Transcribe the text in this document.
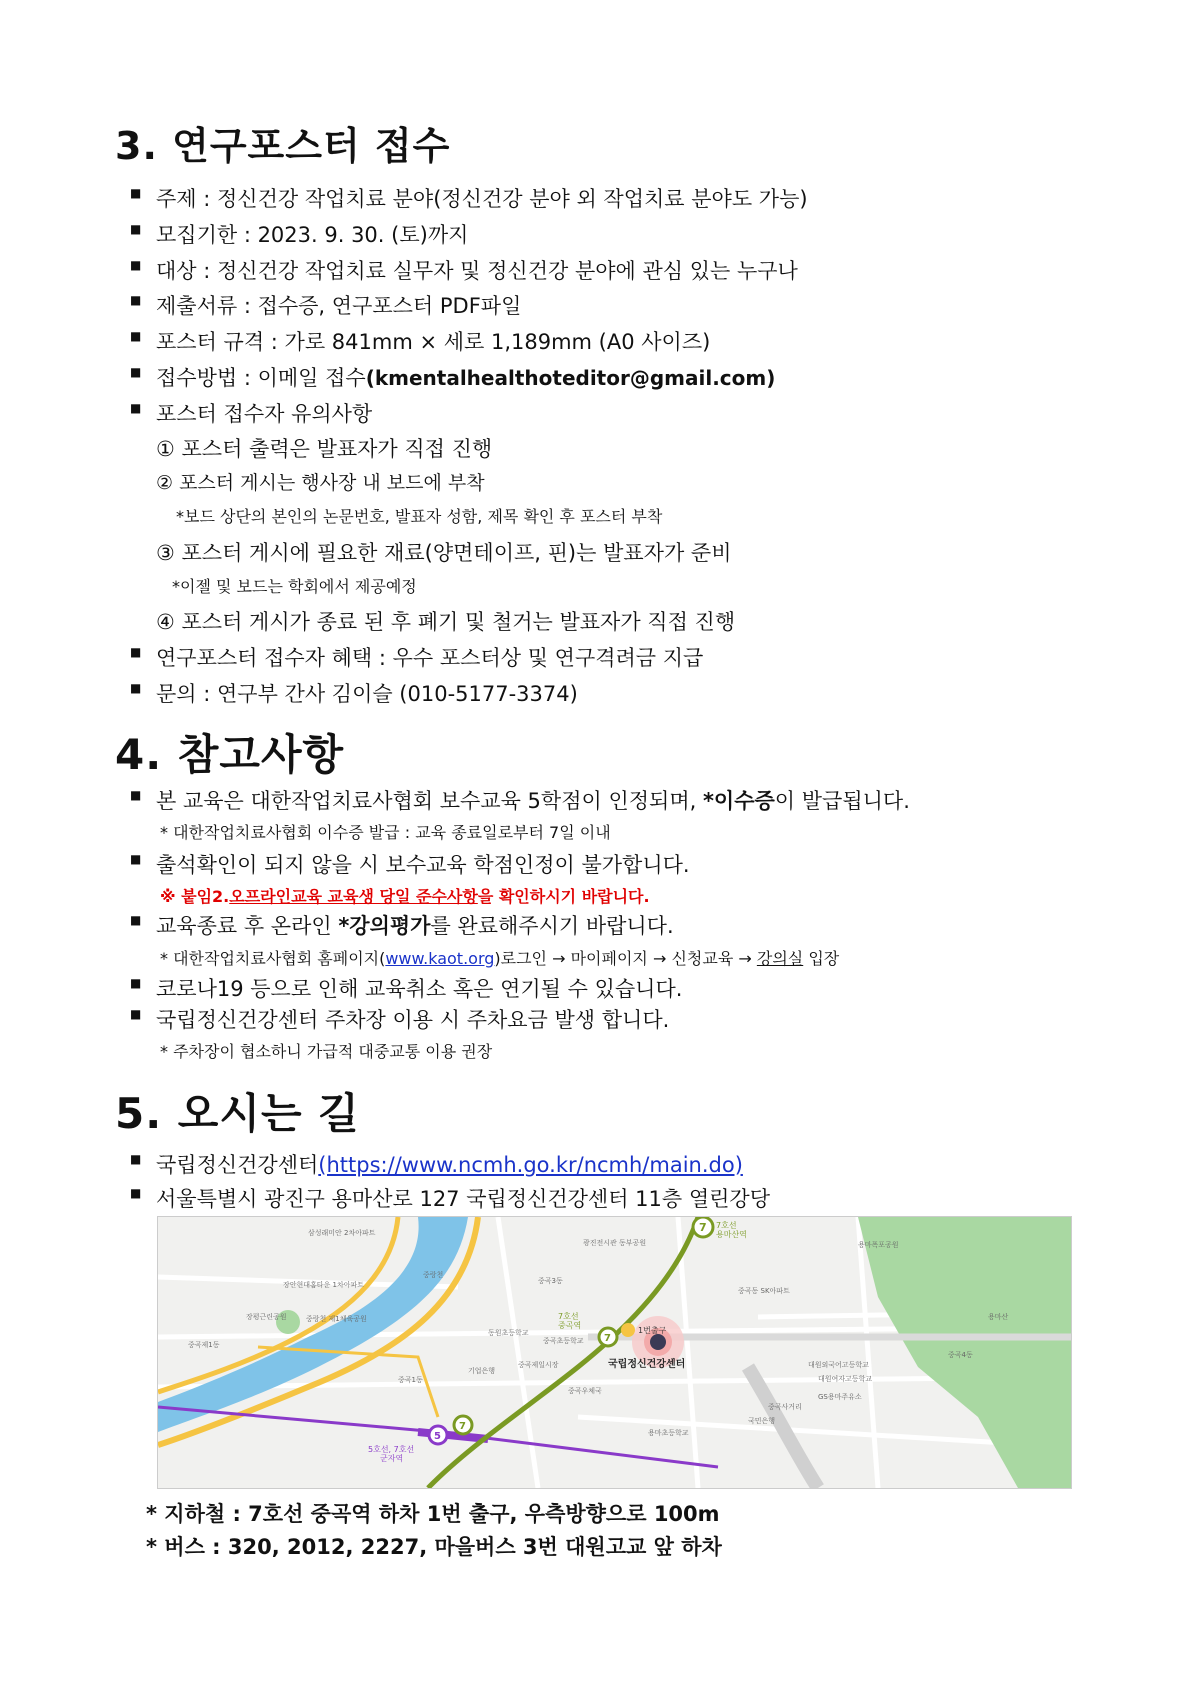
3. 연구포스터 접수
주제 : 정신건강 작업치료 분야(정신건강 분야 외 작업치료 분야도 가능)
모집기한 : 2023. 9. 30. (토)까지
대상 : 정신건강 작업치료 실무자 및 정신건강 분야에 관심 있는 누구나
제출서류 : 접수증, 연구포스터 PDF파일
포스터 규격 : 가로 841mm × 세로 1,189mm (A0 사이즈)
접수방법 : 이메일 접수(kmentalhealthoteditor@gmail.com)
포스터 접수자 유의사항
① 포스터 출력은 발표자가 직접 진행
② 포스터 게시는 행사장 내 보드에 부착
*보드 상단의 본인의 논문번호, 발표자 성함, 제목 확인 후 포스터 부착
③ 포스터 게시에 필요한 재료(양면테이프, 핀)는 발표자가 준비
*이젤 및 보드는 학회에서 제공예정
④ 포스터 게시가 종료 된 후 폐기 및 철거는 발표자가 직접 진행
연구포스터 접수자 혜택 : 우수 포스터상 및 연구격려금 지급
문의 : 연구부 간사 김이슬 (010-5177-3374)
4. 참고사항
본 교육은 대한작업치료사협회 보수교육 5학점이 인정되며, *이수증이 발급됩니다.
* 대한작업치료사협회 이수증 발급 : 교육 종료일로부터 7일 이내
출석확인이 되지 않을 시 보수교육 학점인정이 불가합니다.
※ 붙임2.오프라인교육 교육생 당일 준수사항을 확인하시기 바랍니다.
교육종료 후 온라인 *강의평가를 완료해주시기 바랍니다.
* 대한작업치료사협회 홈페이지(www.kaot.org)로그인 → 마이페이지 → 신청교육 → 강의실 입장
코로나19 등으로 인해 교육취소 혹은 연기될 수 있습니다.
국립정신건강센터 주차장 이용 시 주차요금 발생 합니다.
* 주차장이 협소하니 가급적 대중교통 이용 권장
5. 오시는 길
국립정신건강센터(https://www.ncmh.go.kr/ncmh/main.do)
서울특별시 광진구 용마산로 127 국립정신건강센터 11층 열린강당
국립정신건강센터
7 7호선
용마산역
7
7호선
중곡역
1번출구
7
5
5호선, 7호선
군자역
삼성래미안 2차아파트
광진전시관 동부공원
중곡3동
장안현대홈타운 1차아파트
중곡동 SK아파트
장평근린공원	중랑천 제1체육공원
동원초등학교
중곡초등학교
중곡1동
기업은행
중곡제일시장
중곡우체국
중곡사거리
용마산
중곡4동
대원외국어고등학교
대원여자고등학교
국민은행
용마초등학교
용마폭포공원
GS용마주유소
중곡제1동
중랑천
* 지하철 : 7호선 중곡역 하차 1번 출구, 우측방향으로 100m
* 버스 : 320, 2012, 2227, 마을버스 3번 대원고교 앞 하차
